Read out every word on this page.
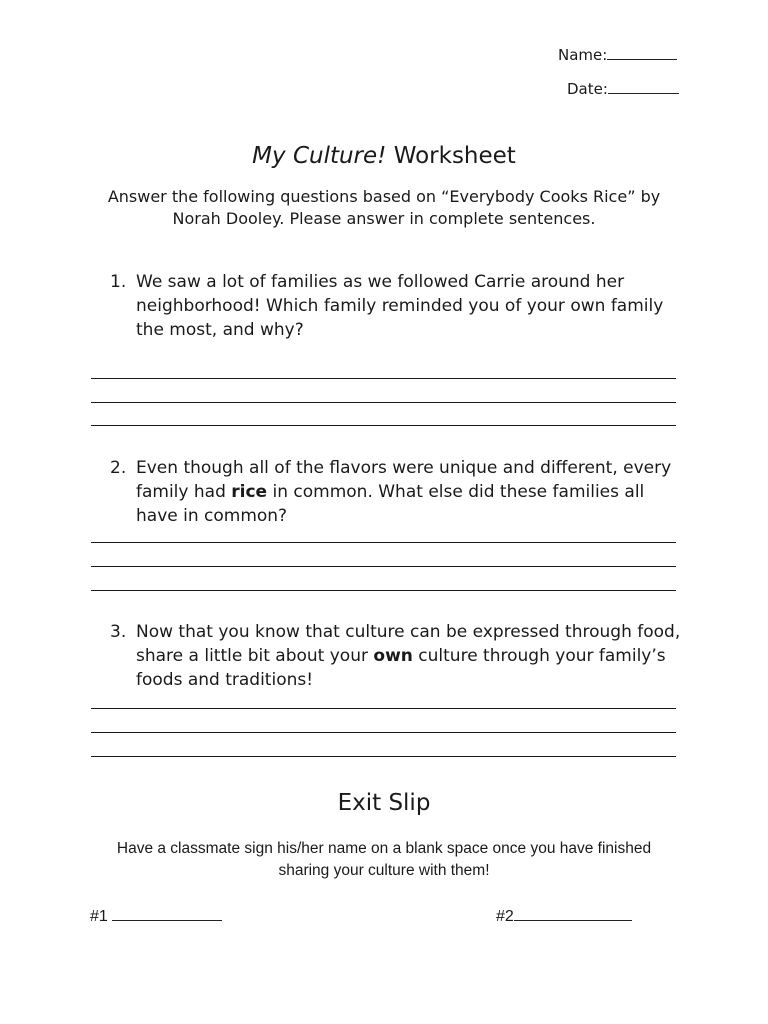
Name:
Date:
My Culture! Worksheet
Answer the following questions based on “Everybody Cooks Rice” by Norah Dooley. Please answer in complete sentences.
1. We saw a lot of families as we followed Carrie around her neighborhood! Which family reminded you of your own family the most, and why?
2. Even though all of the flavors were unique and different, every family had rice in common. What else did these families all have in common?
3. Now that you know that culture can be expressed through food, share a little bit about your own culture through your family’s foods and traditions!
Exit Slip
Have a classmate sign his/her name on a blank space once you have finished sharing your culture with them!
#1	#2
